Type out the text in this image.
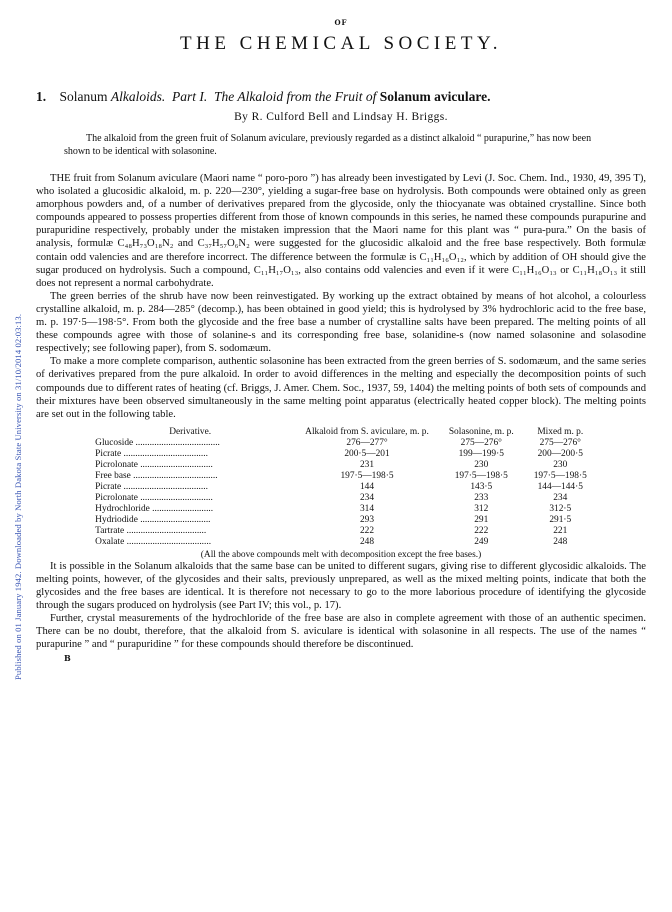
Published on 01 January 1942. Downloaded by North Dakota State University on 31/10/2014 02:03:13.
OF
THE CHEMICAL SOCIETY.
1. Solanum Alkaloids. Part I. The Alkaloid from the Fruit of Solanum aviculare.
By R. Culford Bell and Lindsay H. Briggs.
The alkaloid from the green fruit of Solanum aviculare, previously regarded as a distinct alkaloid “ purapurine,” has now been shown to be identical with solasonine.

THE fruit from Solanum aviculare (Maori name “ poro-poro ”) has already been investigated by Levi (J. Soc. Chem. Ind., 1930, 49, 395 T), who isolated a glucosidic alkaloid, m. p. 220—230°, yielding a sugar-free base on hydrolysis. Both compounds were obtained only as green amorphous powders and, of a number of derivatives prepared from the glycoside, only the thiocyanate was obtained crystalline. Since both compounds appeared to possess properties different from those of known compounds in this series, he named these compounds purapurine and purapuridine respectively, probably under the mistaken impression that the Maori name for this plant was “ pura-pura.” On the basis of analysis, formulæ C₄₈H₇₃O₁₈N₂ and C₃₇H₅₇O₆N₂ were suggested for the glucosidic alkaloid and the free base respectively. Both formulæ contain odd valencies and are therefore incorrect. The difference between the formulæ is C₁₁H₁₆O₁₂, which by addition of OH should give the sugar produced on hydrolysis. Such a compound, C₁₁H₁₇O₁₃, also contains odd valencies and even if it were C₁₁H₁₆O₁₃ or C₁₁H₁₈O₁₃ it still does not represent a normal carbohydrate.

The green berries of the shrub have now been reinvestigated. By working up the extract obtained by means of hot alcohol, a colourless crystalline alkaloid, m. p. 284—285° (decomp.), has been obtained in good yield; this is hydrolysed by 3% hydrochloric acid to the free base, m. p. 197·5—198·5°. From both the glycoside and the free base a number of crystalline salts have been prepared. The melting points of all these compounds agree with those of solanine-s and its corresponding free base, solanidine-s (now named solasonine and solasodine respectively; see following paper), from S. sodomæum.

To make a more complete comparison, authentic solasonine has been extracted from the green berries of S. sodomæum, and the same series of derivatives prepared from the pure alkaloid. In order to avoid differences in the melting and especially the decomposition points of such compounds due to different rates of heating (cf. Briggs, J. Amer. Chem. Soc., 1937, 59, 1404) the melting points of both sets of compounds and their mixtures have been observed simultaneously in the same melting point apparatus (electrically heated copper block). The melting points are set out in the following table.

Derivative.	Alkaloid from S. aviculare, m. p.	Solasonine, m. p.	Mixed m. p.
Glucoside ....................................	276—277°	275—276°	275—276°
Picrate ....................................	200·5—201	199—199·5	200—200·5
Picrolonate ...............................	231	230	230
Free base ....................................	197·5—198·5	197·5—198·5	197·5—198·5
Picrate ....................................	144	143·5	144—144·5
Picrolonate ...............................	234	233	234
Hydrochloride ..........................	314	312	312·5
Hydriodide ..............................	293	291	291·5
Tartrate ..................................	222	222	221
Oxalate ....................................	248	249	248
(All the above compounds melt with decomposition except the free bases.)

It is possible in the Solanum alkaloids that the same base can be united to different sugars, giving rise to different glycosidic alkaloids. The melting points, however, of the glycosides and their salts, previously unprepared, as well as the mixed melting points, indicate that both the glycosides and the free bases are identical. It is therefore not necessary to go to the more laborious procedure of identifying the glycoside through the sugars produced on hydrolysis (see Part IV; this vol., p. 17).

Further, crystal measurements of the hydrochloride of the free base are also in complete agreement with those of an authentic specimen. There can be no doubt, therefore, that the alkaloid from S. aviculare is identical with solasonine in all respects. The use of the names “ purapurine ” and “ purapuridine ” for these compounds should therefore be discontinued.

B
